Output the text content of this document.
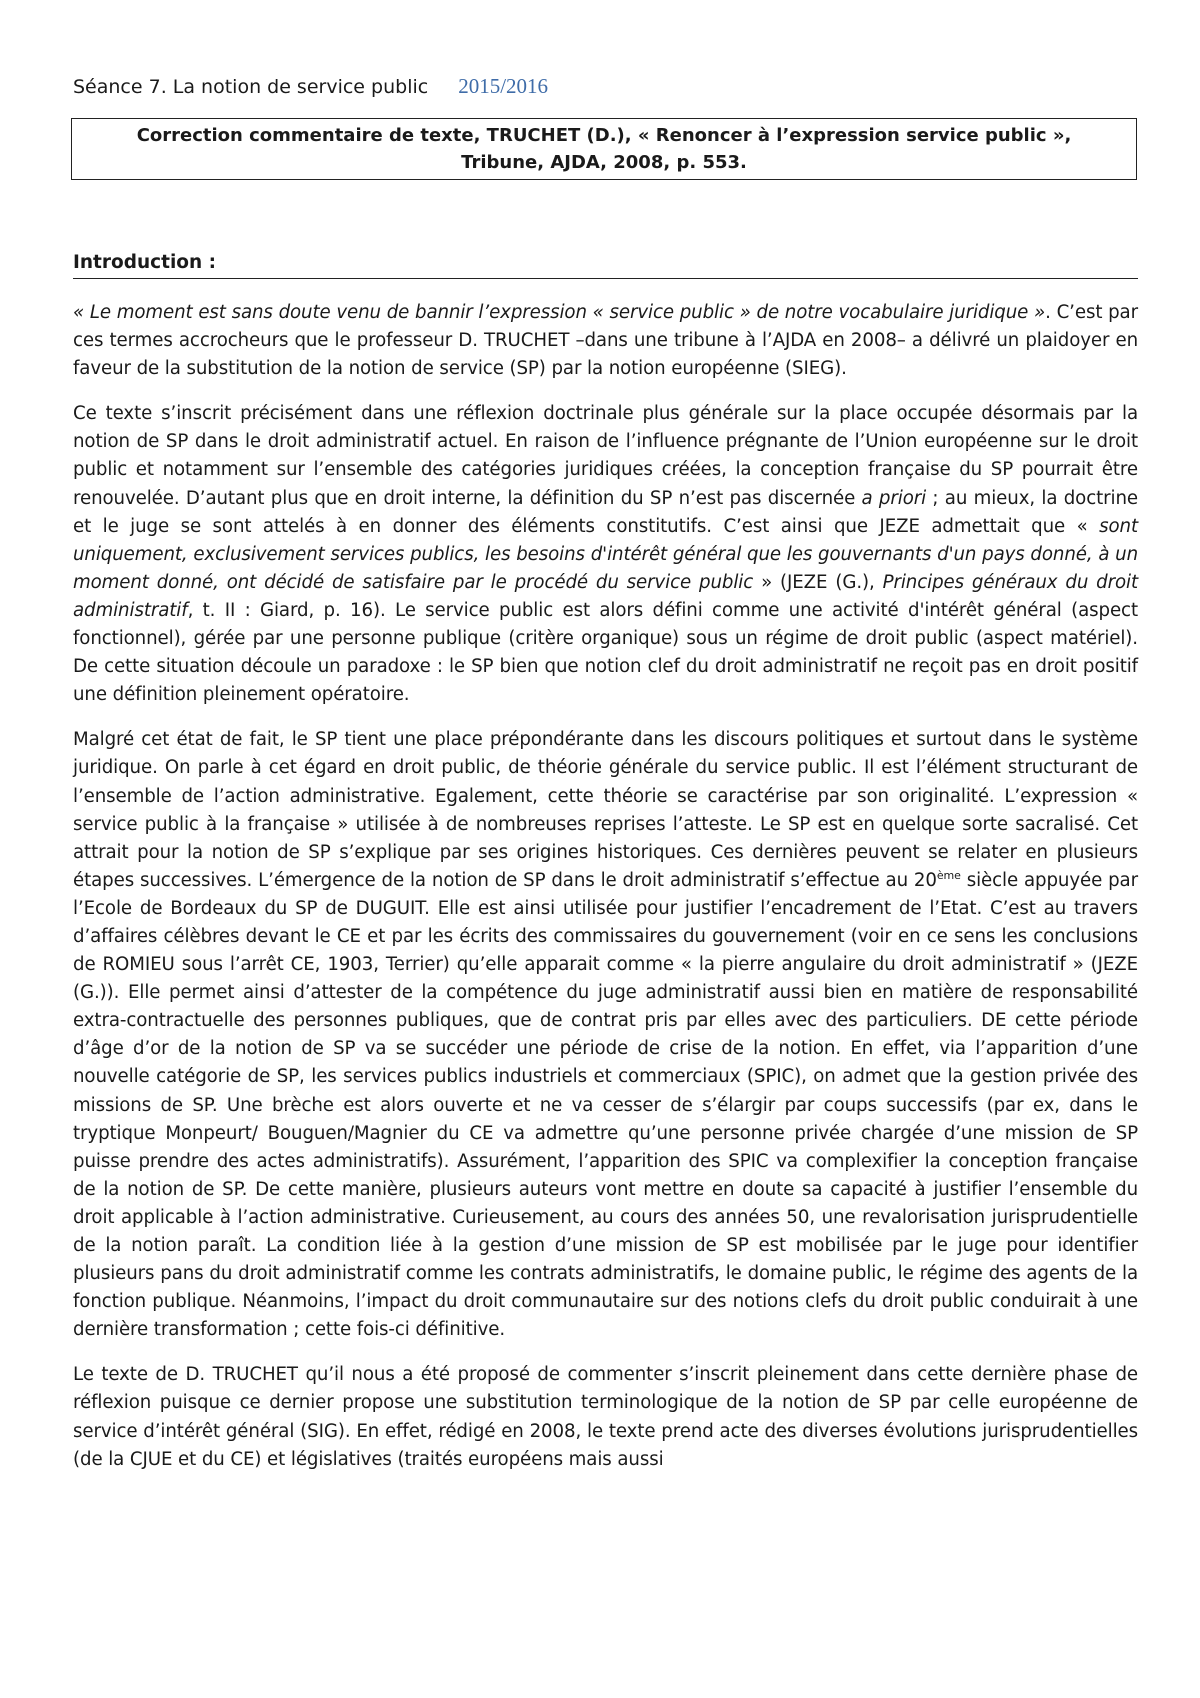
Séance 7. La notion de service public 2015/2016
Correction commentaire de texte, TRUCHET (D.), « Renoncer à l’expression service public »,
Tribune, AJDA, 2008, p. 553.
Introduction :

« Le moment est sans doute venu de bannir l’expression « service public » de notre vocabulaire juridique ». C’est par ces termes accrocheurs que le professeur D. TRUCHET –dans une tribune à l’AJDA en 2008– a délivré un plaidoyer en faveur de la substitution de la notion de service (SP) par la notion européenne (SIEG).

Ce texte s’inscrit précisément dans une réflexion doctrinale plus générale sur la place occupée désormais par la notion de SP dans le droit administratif actuel. En raison de l’influence prégnante de l’Union européenne sur le droit public et notamment sur l’ensemble des catégories juridiques créées, la conception française du SP pourrait être renouvelée. D’autant plus que en droit interne, la définition du SP n’est pas discernée a priori ; au mieux, la doctrine et le juge se sont attelés à en donner des éléments constitutifs. C’est ainsi que JEZE admettait que « sont uniquement, exclusivement services publics, les besoins d'intérêt général que les gouvernants d'un pays donné, à un moment donné, ont décidé de satisfaire par le procédé du service public » (JEZE (G.), Principes généraux du droit administratif, t. II : Giard, p. 16). Le service public est alors défini comme une activité d'intérêt général (aspect fonctionnel), gérée par une personne publique (critère organique) sous un régime de droit public (aspect matériel). De cette situation découle un paradoxe : le SP bien que notion clef du droit administratif ne reçoit pas en droit positif une définition pleinement opératoire.

Malgré cet état de fait, le SP tient une place prépondérante dans les discours politiques et surtout dans le système juridique. On parle à cet égard en droit public, de théorie générale du service public. Il est l’élément structurant de l’ensemble de l’action administrative. Egalement, cette théorie se caractérise par son originalité. L’expression « service public à la française » utilisée à de nombreuses reprises l’atteste. Le SP est en quelque sorte sacralisé. Cet attrait pour la notion de SP s’explique par ses origines historiques. Ces dernières peuvent se relater en plusieurs étapes successives. L’émergence de la notion de SP dans le droit administratif s’effectue au 20ème siècle appuyée par l’Ecole de Bordeaux du SP de DUGUIT. Elle est ainsi utilisée pour justifier l’encadrement de l’Etat. C’est au travers d’affaires célèbres devant le CE et par les écrits des commissaires du gouvernement (voir en ce sens les conclusions de ROMIEU sous l’arrêt CE, 1903, Terrier) qu’elle apparait comme « la pierre angulaire du droit administratif » (JEZE (G.)). Elle permet ainsi d’attester de la compétence du juge administratif aussi bien en matière de responsabilité extra-contractuelle des personnes publiques, que de contrat pris par elles avec des particuliers. DE cette période d’âge d’or de la notion de SP va se succéder une période de crise de la notion. En effet, via l’apparition d’une nouvelle catégorie de SP, les services publics industriels et commerciaux (SPIC), on admet que la gestion privée des missions de SP. Une brèche est alors ouverte et ne va cesser de s’élargir par coups successifs (par ex, dans le tryptique Monpeurt/ Bouguen/Magnier du CE va admettre qu’une personne privée chargée d’une mission de SP puisse prendre des actes administratifs). Assurément, l’apparition des SPIC va complexifier la conception française de la notion de SP. De cette manière, plusieurs auteurs vont mettre en doute sa capacité à justifier l’ensemble du droit applicable à l’action administrative. Curieusement, au cours des années 50, une revalorisation jurisprudentielle de la notion paraît. La condition liée à la gestion d’une mission de SP est mobilisée par le juge pour identifier plusieurs pans du droit administratif comme les contrats administratifs, le domaine public, le régime des agents de la fonction publique. Néanmoins, l’impact du droit communautaire sur des notions clefs du droit public conduirait à une dernière transformation ; cette fois-ci définitive.

Le texte de D. TRUCHET qu’il nous a été proposé de commenter s’inscrit pleinement dans cette dernière phase de réflexion puisque ce dernier propose une substitution terminologique de la notion de SP par celle européenne de service d’intérêt général (SIG). En effet, rédigé en 2008, le texte prend acte des diverses évolutions jurisprudentielles (de la CJUE et du CE) et législatives (traités européens mais aussi
